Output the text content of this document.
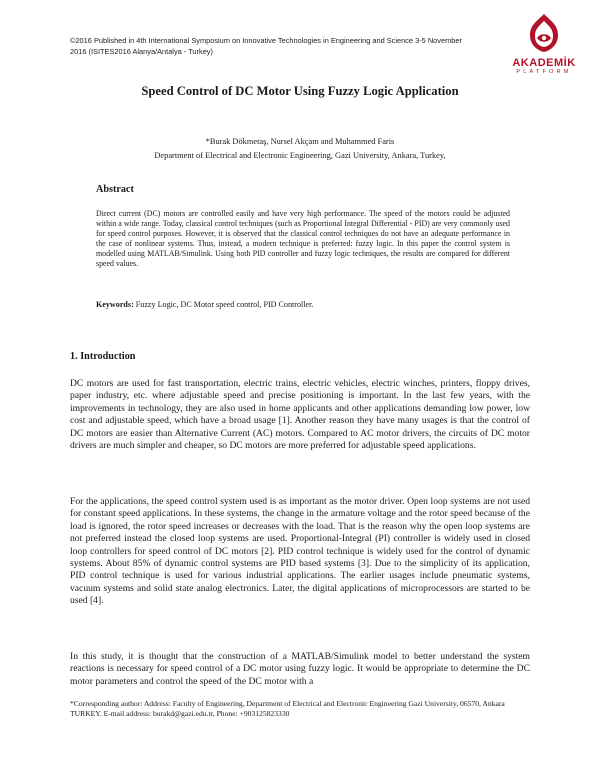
©2016 Published in 4th International Symposium on Innovative Technologies in Engineering and Science 3-5 November 2016 (ISITES2016 Alanya/Antalya - Turkey)
AKADEMİK
PLATFORM
Speed Control of DC Motor Using Fuzzy Logic Application
*Burak Dökmetaş, Nursel Akçam and Muhammed Faris
Department of Electrical and Electronic Engineering, Gazi University, Ankara, Turkey,
Abstract
Direct current (DC) motors are controlled easily and have very high performance. The speed of the motors could be adjusted within a wide range. Today, classical control techniques (such as Proportional Integral Differential - PID) are very commonly used for speed control purposes. However, it is observed that the classical control techniques do not have an adequate performance in the case of nonlinear systems. Thus, instead, a modern technique is preferred: fuzzy logic. In this paper the control system is modelled using MATLAB/Simulink. Using both PID controller and fuzzy logic techniques, the results are compared for different speed values.
Keywords: Fuzzy Logic, DC Motor speed control, PID Controller.
1. Introduction

DC motors are used for fast transportation, electric trains, electric vehicles, electric winches, printers, floppy drives, paper industry, etc. where adjustable speed and precise positioning is important. In the last few years, with the improvements in technology, they are also used in home applicants and other applications demanding low power, low cost and adjustable speed, which have a broad usage [1]. Another reason they have many usages is that the control of DC motors are easier than Alternative Current (AC) motors. Compared to AC motor drivers, the circuits of DC motor drivers are much simpler and cheaper, so DC motors are more preferred for adjustable speed applications.

For the applications, the speed control system used is as important as the motor driver. Open loop systems are not used for constant speed applications. In these systems, the change in the armature voltage and the rotor speed because of the load is ignored, the rotor speed increases or decreases with the load. That is the reason why the open loop systems are not preferred instead the closed loop systems are used. Proportional-Integral (PI) controller is widely used in closed loop controllers for speed control of DC motors [2]. PID control technique is widely used for the control of dynamic systems. About 85% of dynamic control systems are PID based systems [3]. Due to the simplicity of its application, PID control technique is used for various industrial applications. The earlier usages include pneumatic systems, vacuum systems and solid state analog electronics. Later, the digital applications of microprocessors are started to be used [4].

In this study, it is thought that the construction of a MATLAB/Simulink model to better understand the system reactions is necessary for speed control of a DC motor using fuzzy logic. It would be appropriate to determine the DC motor parameters and control the speed of the DC motor with a

*Corresponding author: Address: Faculty of Engineering, Department of Electrical and Electronic Engineering Gazi University, 06570, Ankara TURKEY. E-mail address: burakd@gazi.edu.tr, Phone: +903125823330
